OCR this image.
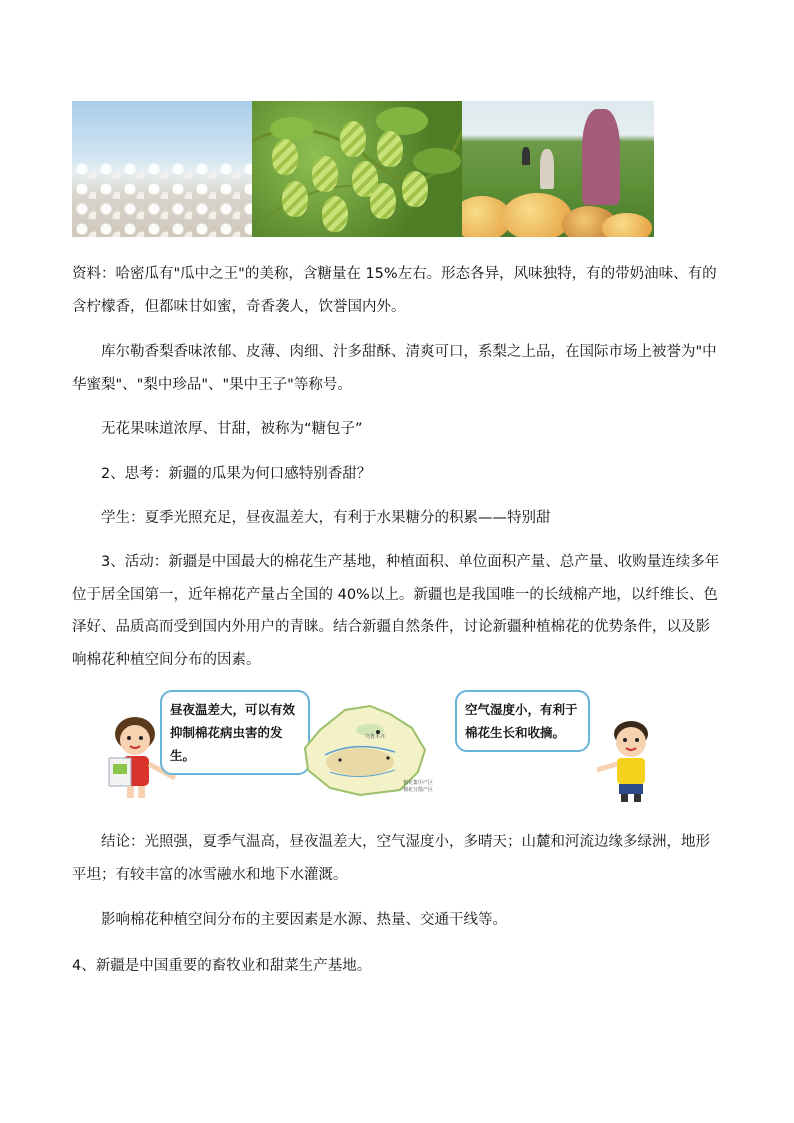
资料：哈密瓜有"瓜中之王"的美称，含糖量在 15%左右。形态各异，风味独特，有的带奶油味、有的含柠檬香，但都味甘如蜜，奇香袭人，饮誉国内外。

库尔勒香梨香味浓郁、皮薄、肉细、汁多甜酥、清爽可口，系梨之上品，在国际市场上被誉为"中华蜜梨"、"梨中珍品"、"果中王子"等称号。

无花果味道浓厚、甘甜，被称为“糖包子”

2、思考：新疆的瓜果为何口感特别香甜？

学生：夏季光照充足，昼夜温差大，有利于水果糖分的积累——特别甜

3、活动：新疆是中国最大的棉花生产基地，种植面积、单位面积产量、总产量、收购量连续多年位于居全国第一，近年棉花产量占全国的 40%以上。新疆也是我国唯一的长绒棉产地，以纤维长、色泽好、品质高而受到国内外用户的青睐。结合新疆自然条件，讨论新疆种植棉花的优势条件，以及影响棉花种植空间分布的因素。

昼夜温差大，可以有效抑制棉花病虫害的发生。
乌鲁木齐
棉花集中产区
棉花分散产区
空气湿度小，有利于棉花生长和收摘。

结论：光照强，夏季气温高，昼夜温差大，空气湿度小，多晴天；山麓和河流边缘多绿洲，地形平坦；有较丰富的冰雪融水和地下水灌溉。

影响棉花种植空间分布的主要因素是水源、热量、交通干线等。

4、新疆是中国重要的畜牧业和甜菜生产基地。
